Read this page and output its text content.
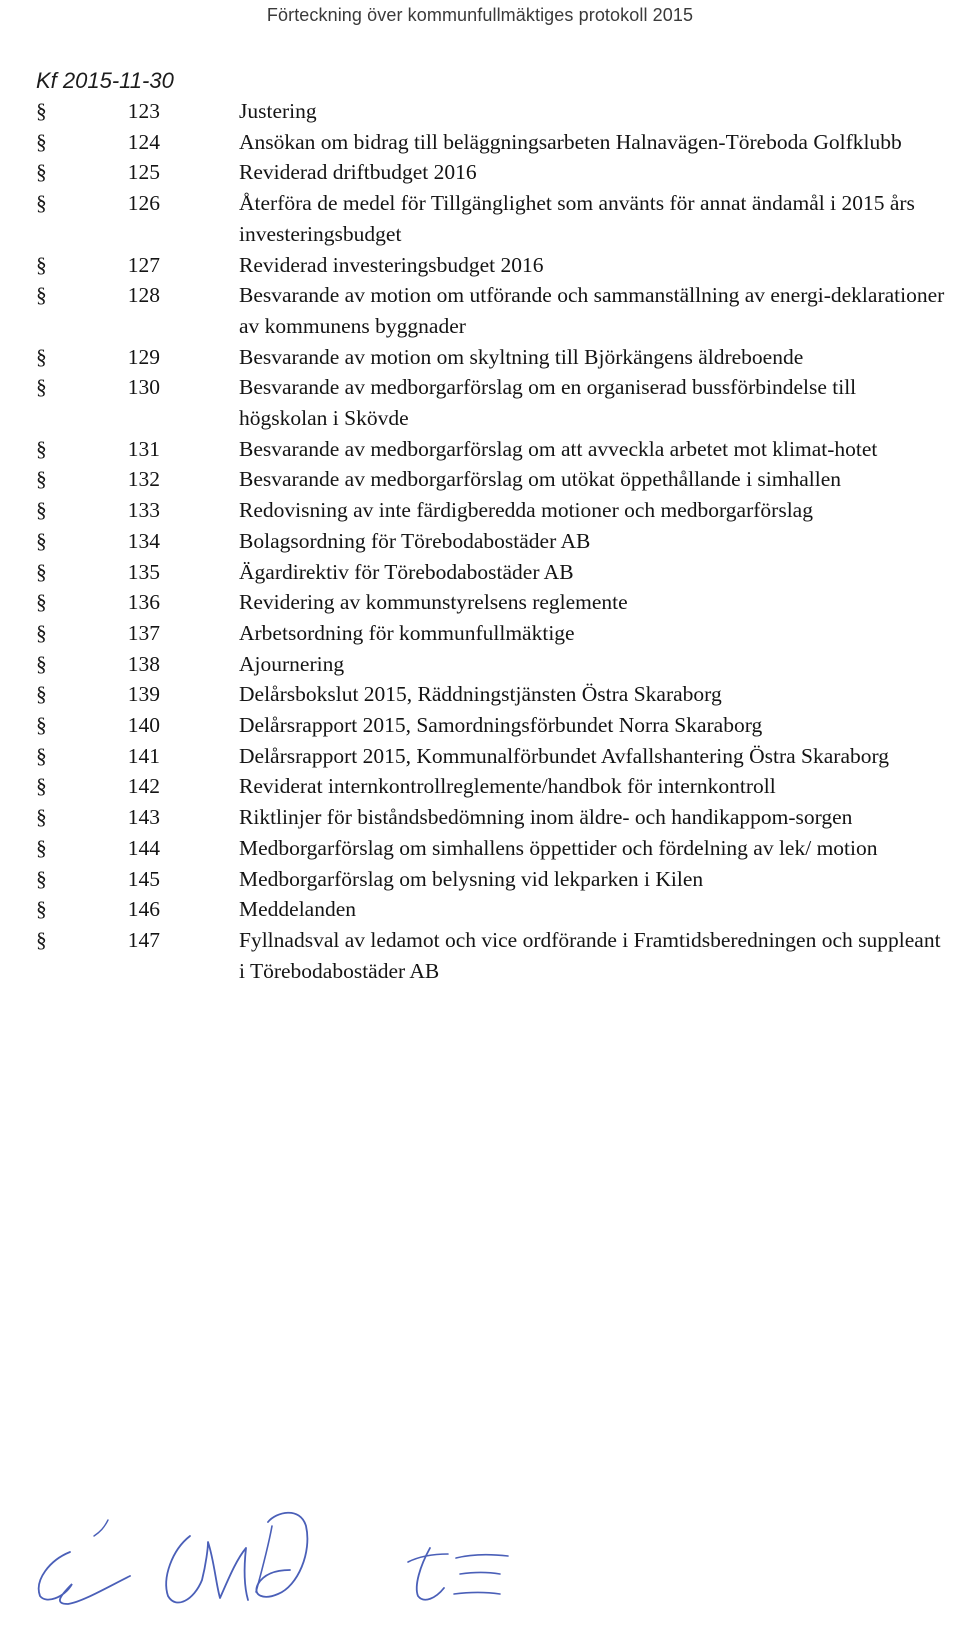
Förteckning över kommunfullmäktiges protokoll 2015
Kf 2015-11-30
§	123	Justering
§	124	Ansökan om bidrag till beläggningsarbeten Halnavägen-Töreboda Golfklubb
§	125	Reviderad driftbudget 2016
§	126	Återföra de medel för Tillgänglighet som använts för annat ändamål i 2015 års investeringsbudget
§	127	Reviderad investeringsbudget 2016
§	128	Besvarande av motion om utförande och sammanställning av energi-deklarationer av kommunens byggnader
§	129	Besvarande av motion om skyltning till Björkängens äldreboende
§	130	Besvarande av medborgarförslag om en organiserad bussförbindelse till högskolan i Skövde
§	131	Besvarande av medborgarförslag om att avveckla arbetet mot klimat-hotet
§	132	Besvarande av medborgarförslag om utökat öppethållande i simhallen
§	133	Redovisning av inte färdigberedda motioner och medborgarförslag
§	134	Bolagsordning för Törebodabostäder AB
§	135	Ägardirektiv för Törebodabostäder AB
§	136	Revidering av kommunstyrelsens reglemente
§	137	Arbetsordning för kommunfullmäktige
§	138	Ajournering
§	139	Delårsbokslut 2015, Räddningstjänsten Östra Skaraborg
§	140	Delårsrapport 2015, Samordningsförbundet Norra Skaraborg
§	141	Delårsrapport 2015, Kommunalförbundet Avfallshantering Östra Skaraborg
§	142	Reviderat internkontrollreglemente/handbok för internkontroll
§	143	Riktlinjer för biståndsbedömning inom äldre- och handikappom-sorgen
§	144	Medborgarförslag om simhallens öppettider och fördelning av lek/ motion
§	145	Medborgarförslag om belysning vid lekparken i Kilen
§	146	Meddelanden
§	147	Fyllnadsval av ledamot och vice ordförande i Framtidsberedningen och suppleant i Törebodabostäder AB
